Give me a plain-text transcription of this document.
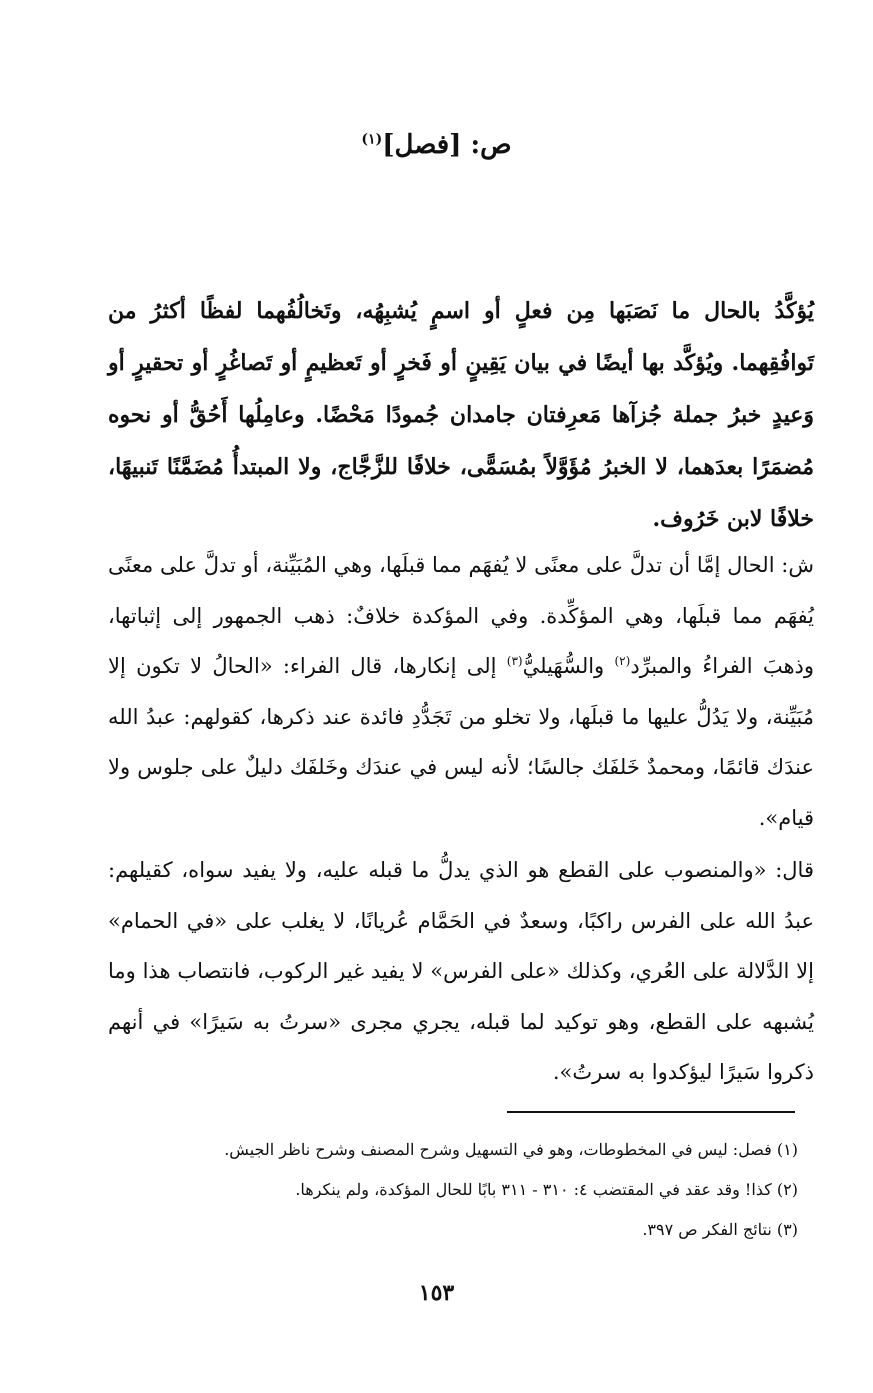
ص: [فصل]$^{(١)}$
يُؤكَّدُ بالحال ما نَصَبَها مِن فعلٍ أو اسمٍ يُشبِهُه، وتَخالُفُهما لفظًا أكثرُ من تَوافُقِهما. ويُؤكَّد بها أيضًا في بيان يَقِينٍ أو فَخرٍ أو تَعظيمٍ أو تَصاغُرٍ أو تحقيرٍ أو وَعيدٍ خبرُ جملة جُزآها مَعرِفتان جامدان جُمودًا مَحْضًا. وعامِلُها أَحُقُّ أو نحوه مُضمَرًا بعدَهما، لا الخبرُ مُؤَوَّلاً بمُسَمًّى، خلافًا للزَّجَّاج، ولا المبتدأُ مُضَمَّنًا تَنبيهًا، خلافًا لابن خَرُوف.
ش: الحال إمَّا أن تدلَّ على معنًى لا يُفهَم مما قبلَها، وهي المُبَيِّنة، أو تدلَّ على معنًى يُفهَم مما قبلَها، وهي المؤكِّدة. وفي المؤكدة خلافٌ: ذهب الجمهور إلى إثباتها، وذهبَ الفراءُ والمبرِّد$^{(٢)}$ والسُّهَيليُّ$^{(٣)}$ إلى إنكارها، قال الفراء: «الحالُ لا تكون إلا مُبَيِّنة، ولا يَدُلُّ عليها ما قبلَها، ولا تخلو من تَجَدُّدِ فائدة عند ذكرها، كقولهم: عبدُ الله عندَك قائمًا، ومحمدٌ خَلفَك جالسًا؛ لأنه ليس في عندَك وخَلفَك دليلٌ على جلوس ولا قيام».
قال: «والمنصوب على القطع هو الذي يدلُّ ما قبله عليه، ولا يفيد سواه، كقيلهم: عبدُ الله على الفرس راكبًا، وسعدٌ في الحَمَّام عُريانًا، لا يغلب على «في الحمام» إلا الدَّلالة على العُري، وكذلك «على الفرس» لا يفيد غير الركوب، فانتصاب هذا وما يُشبهه على القطع، وهو توكيد لما قبله، يجري مجرى «سرتُ به سَيرًا» في أنهم ذكروا سَيرًا ليؤكدوا به سرتُ».
(١) فصل: ليس في المخطوطات، وهو في التسهيل وشرح المصنف وشرح ناظر الجيش.
(٢) كذا! وقد عقد في المقتضب ٤: ٣١٠ - ٣١١ بابًا للحال المؤكدة، ولم ينكرها.
(٣) نتائج الفكر ص ٣٩٧.
١٥٣
